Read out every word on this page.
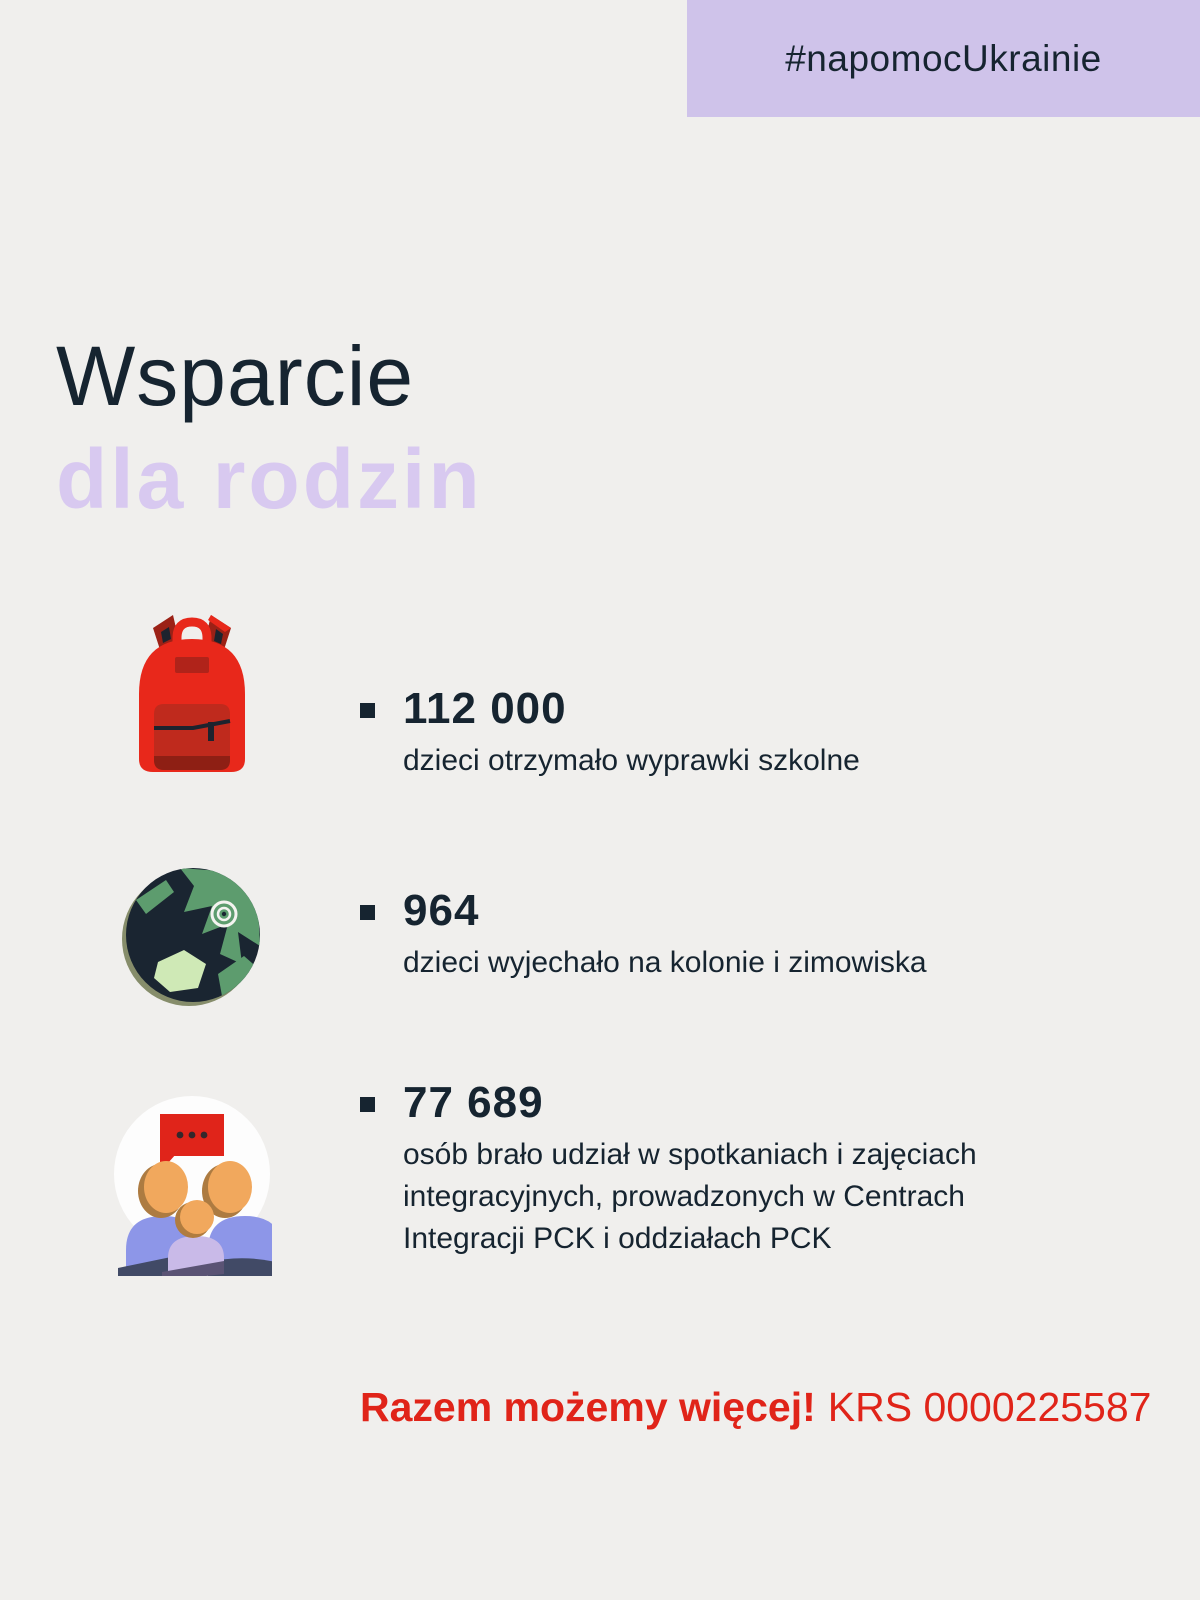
#napomocUkrainie
Wsparcie
dla rodzin
112 000

dzieci otrzymało wyprawki szkolne

964

dzieci wyjechało na kolonie i zimowiska

77 689

osób brało udział w spotkaniach i zajęciach integracyjnych, prowadzonych w Centrach Integracji PCK i oddziałach PCK

Razem możemy więcej! KRS 0000225587
